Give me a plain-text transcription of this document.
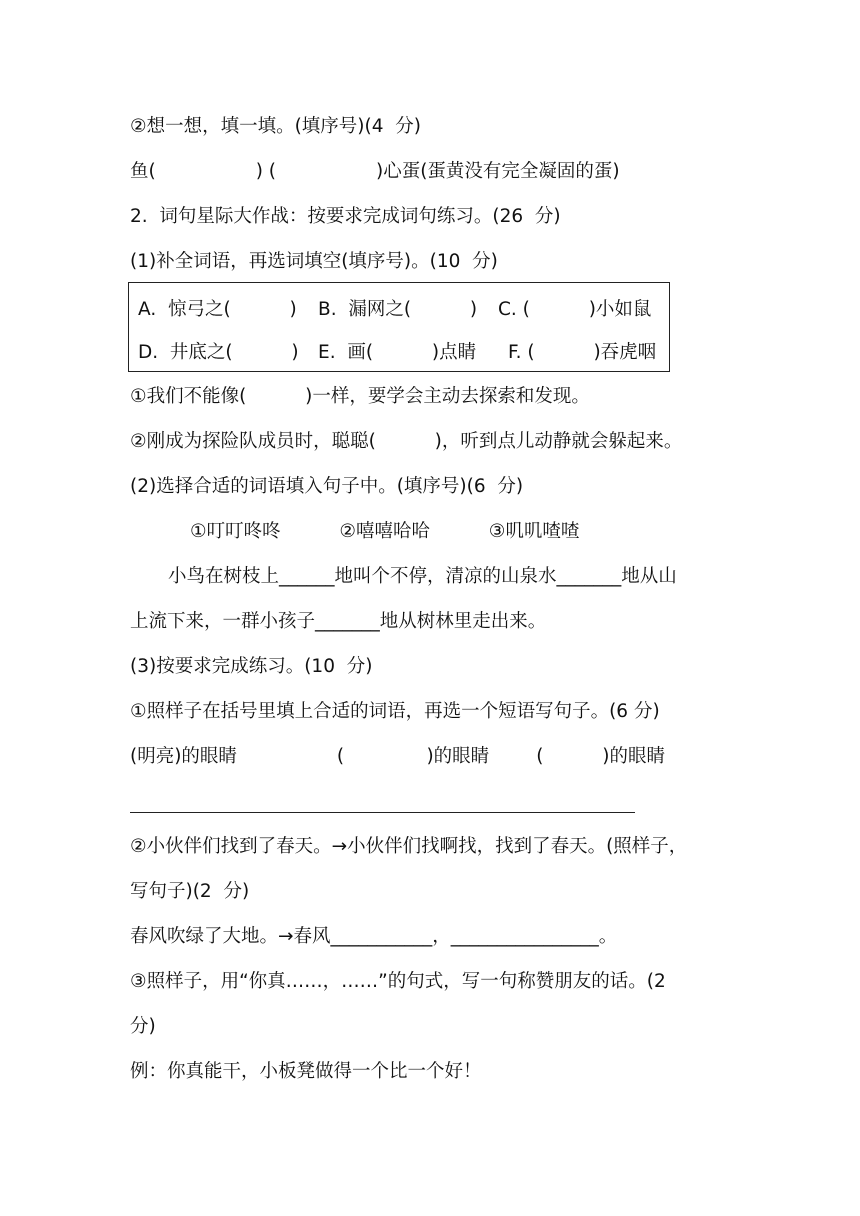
②想一想，填一填。(填序号)(4  分)
鱼(                 ) (                 )心蛋(蛋黄没有完全凝固的蛋)
2.  词句星际大作战：按要求完成词句练习。(26  分)
(1)补全词语，再选词填空(填序号)。(10  分)
A.  惊弓之(          ) B.  漏网之(          ) C. (          )小如鼠
D.  井底之(          ) E.  画(          )点睛 F. (          )吞虎咽
①我们不能像(          )一样，要学会主动去探索和发现。
②刚成为探险队成员时，聪聪(          )，听到点儿动静就会躲起来。
(2)选择合适的词语填入句子中。(填序号)(6  分)
①叮叮咚咚          ②嘻嘻哈哈          ③叽叽喳喳
小鸟在树枝上______地叫个不停，清凉的山泉水_______地从山
上流下来，一群小孩子_______地从树林里走出来。
(3)按要求完成练习。(10  分)
①照样子在括号里填上合适的词语，再选一个短语写句子。(6 分)
(明亮)的眼睛                 (              )的眼睛        (          )的眼睛
②小伙伴们找到了春天。→小伙伴们找啊找，找到了春天。(照样子，
写句子)(2  分)
春风吹绿了大地。→春风___________，________________。
③照样子，用“你真……，……”的句式，写一句称赞朋友的话。(2
分)
例：你真能干，小板凳做得一个比一个好！
